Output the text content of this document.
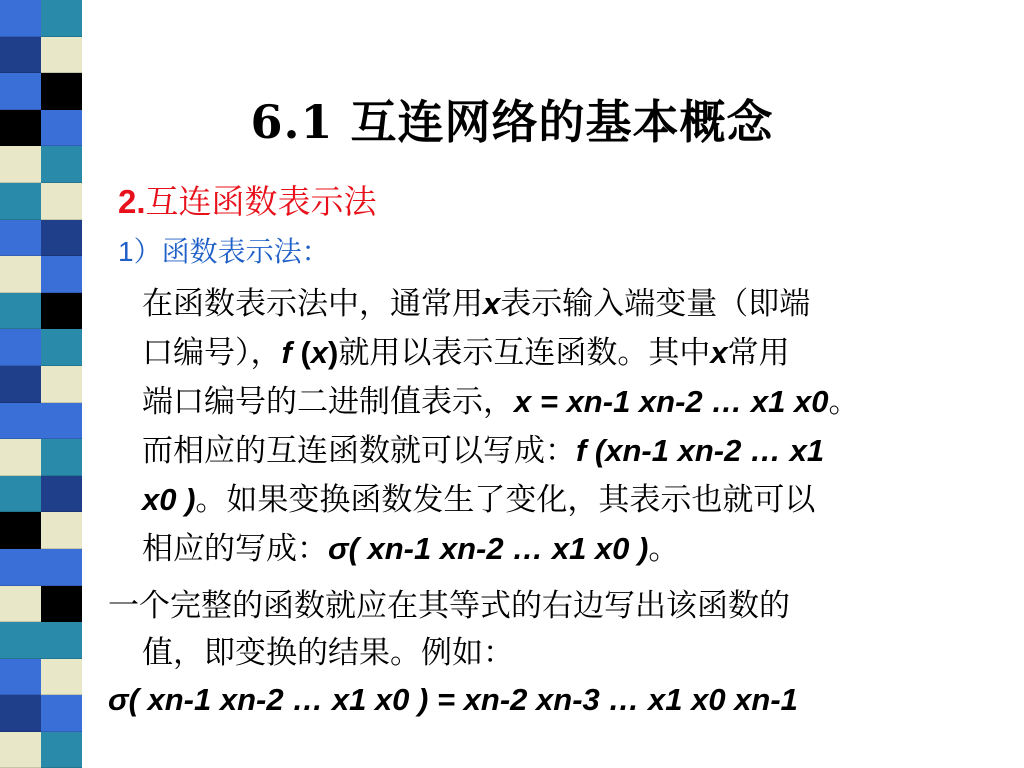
6.1 互连网络的基本概念
2.互连函数表示法
1）函数表示法：
在函数表示法中，通常用x表示输入端变量（即端
口编号），f (x)就用以表示互连函数。其中x常用
端口编号的二进制值表示，x = xn-1 xn-2 … x1 x0。
而相应的互连函数就可以写成：f (xn-1 xn-2 … x1
x0 )。如果变换函数发生了变化，其表示也就可以
相应的写成：σ( xn-1 xn-2 … x1 x0 )。
一个完整的函数就应在其等式的右边写出该函数的
值，即变换的结果。例如：
σ( xn-1 xn-2 … x1 x0 ) = xn-2 xn-3 … x1 x0 xn-1
